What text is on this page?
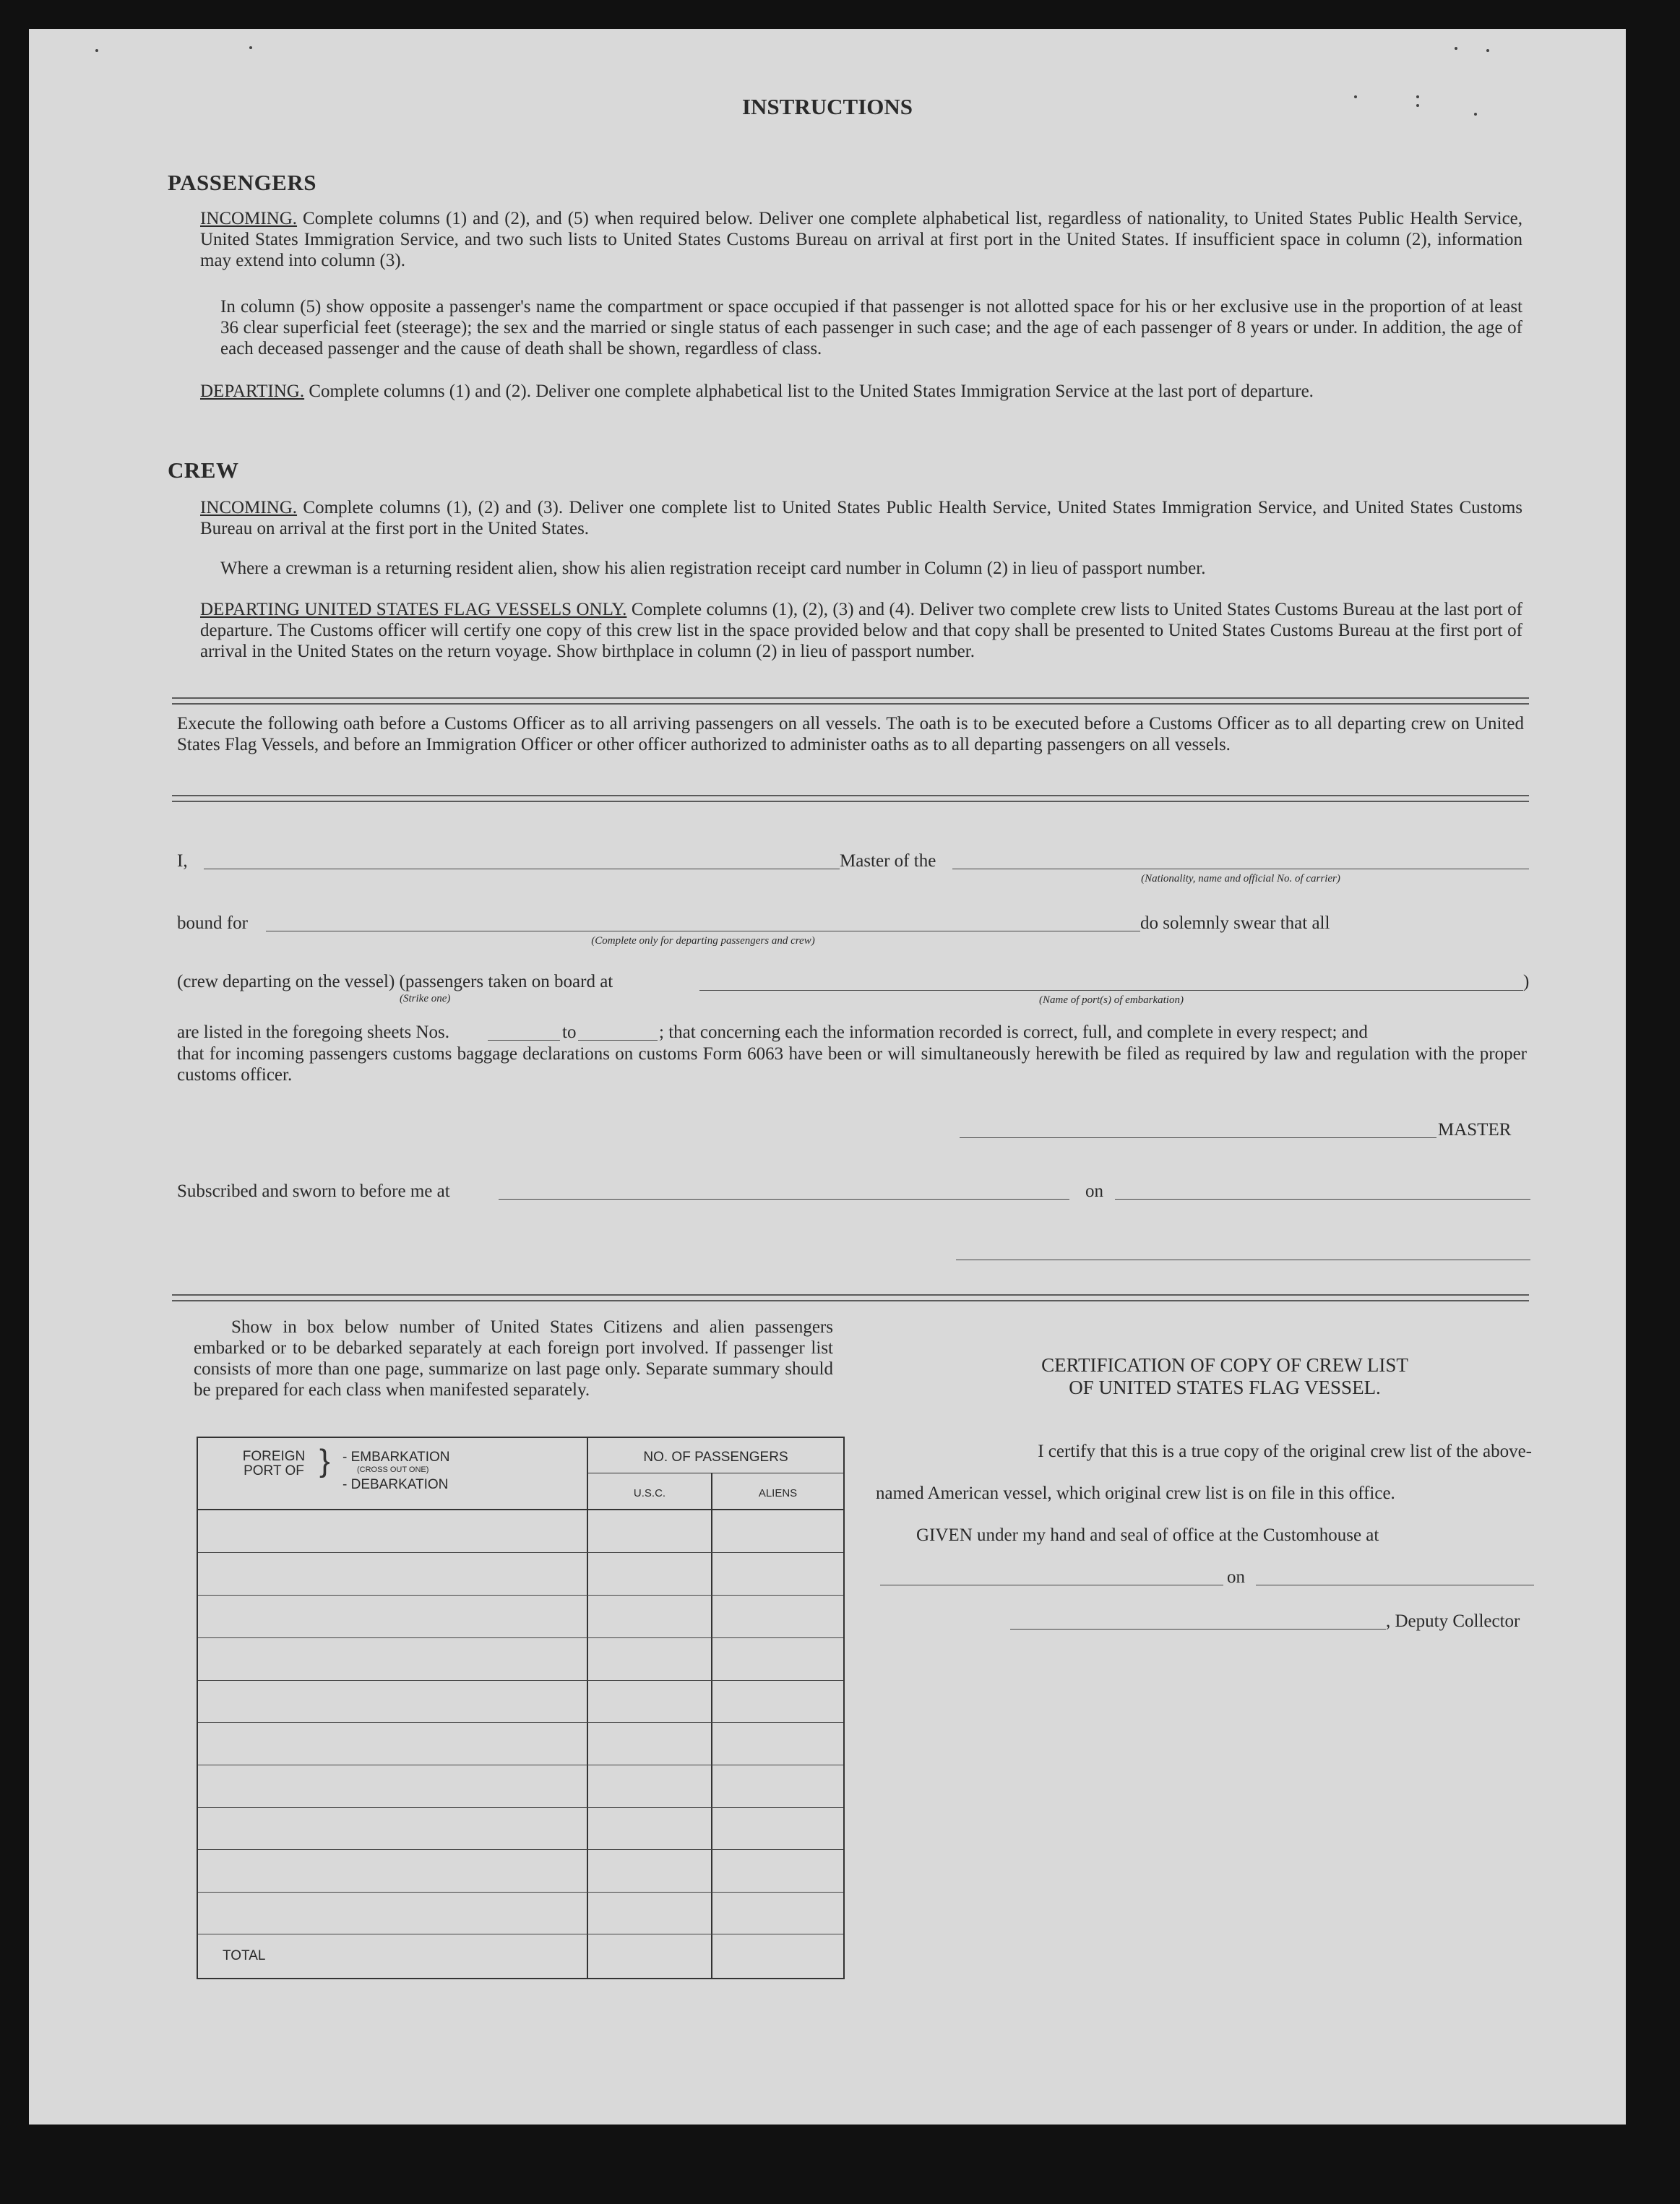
INSTRUCTIONS
PASSENGERS
INCOMING. Complete columns (1) and (2), and (5) when required below. Deliver one complete alphabetical list, regardless of nationality, to United States Public Health Service, United States Immigration Service, and two such lists to United States Customs Bureau on arrival at first port in the United States. If insufficient space in column (2), information may extend into column (3).
In column (5) show opposite a passenger's name the compartment or space occupied if that passenger is not allotted space for his or her exclusive use in the proportion of at least 36 clear superficial feet (steerage); the sex and the married or single status of each passenger in such case; and the age of each passenger of 8 years or under. In addition, the age of each deceased passenger and the cause of death shall be shown, regardless of class.
DEPARTING. Complete columns (1) and (2). Deliver one complete alphabetical list to the United States Immigration Service at the last port of departure.
CREW
INCOMING. Complete columns (1), (2) and (3). Deliver one complete list to United States Public Health Service, United States Immigration Service, and United States Customs Bureau on arrival at the first port in the United States.
Where a crewman is a returning resident alien, show his alien registration receipt card number in Column (2) in lieu of passport number.
DEPARTING UNITED STATES FLAG VESSELS ONLY. Complete columns (1), (2), (3) and (4). Deliver two complete crew lists to United States Customs Bureau at the last port of departure. The Customs officer will certify one copy of this crew list in the space provided below and that copy shall be presented to United States Customs Bureau at the first port of arrival in the United States on the return voyage. Show birthplace in column (2) in lieu of passport number.
Execute the following oath before a Customs Officer as to all arriving passengers on all vessels. The oath is to be executed before a Customs Officer as to all departing crew on United States Flag Vessels, and before an Immigration Officer or other officer authorized to administer oaths as to all departing passengers on all vessels.
I,	Master of the
(Nationality, name and official No. of carrier)
bound for
(Complete only for departing passengers and crew)
do solemnly swear that all
(crew departing on the vessel) (passengers taken on board at
(Strike one)	(Name of port(s) of embarkation)
)
are listed in the foregoing sheets Nos.	to	; that concerning each the information recorded is correct, full, and complete in every respect; and
that for incoming passengers customs baggage declarations on customs Form 6063 have been or will simultaneously herewith be filed as required by law and regulation with the proper customs officer.
MASTER
Subscribed and sworn to before me at	on
Show in box below number of United States Citizens and alien passengers embarked or to be debarked separately at each foreign port involved. If passenger list consists of more than one page, summarize on last page only. Separate summary should be prepared for each class when manifested separately.
FOREIGN PORT OF } - EMBARKATION
(CROSS OUT ONE)
- DEBARKATION
NO. OF PASSENGERS
U.S.C.	ALIENS
TOTAL
CERTIFICATION OF COPY OF CREW LIST
OF UNITED STATES FLAG VESSEL.
I certify that this is a true copy of the original crew list of the above-
named American vessel, which original crew list is on file in this office.
GIVEN under my hand and seal of office at the Customhouse at
on
, Deputy Collector
